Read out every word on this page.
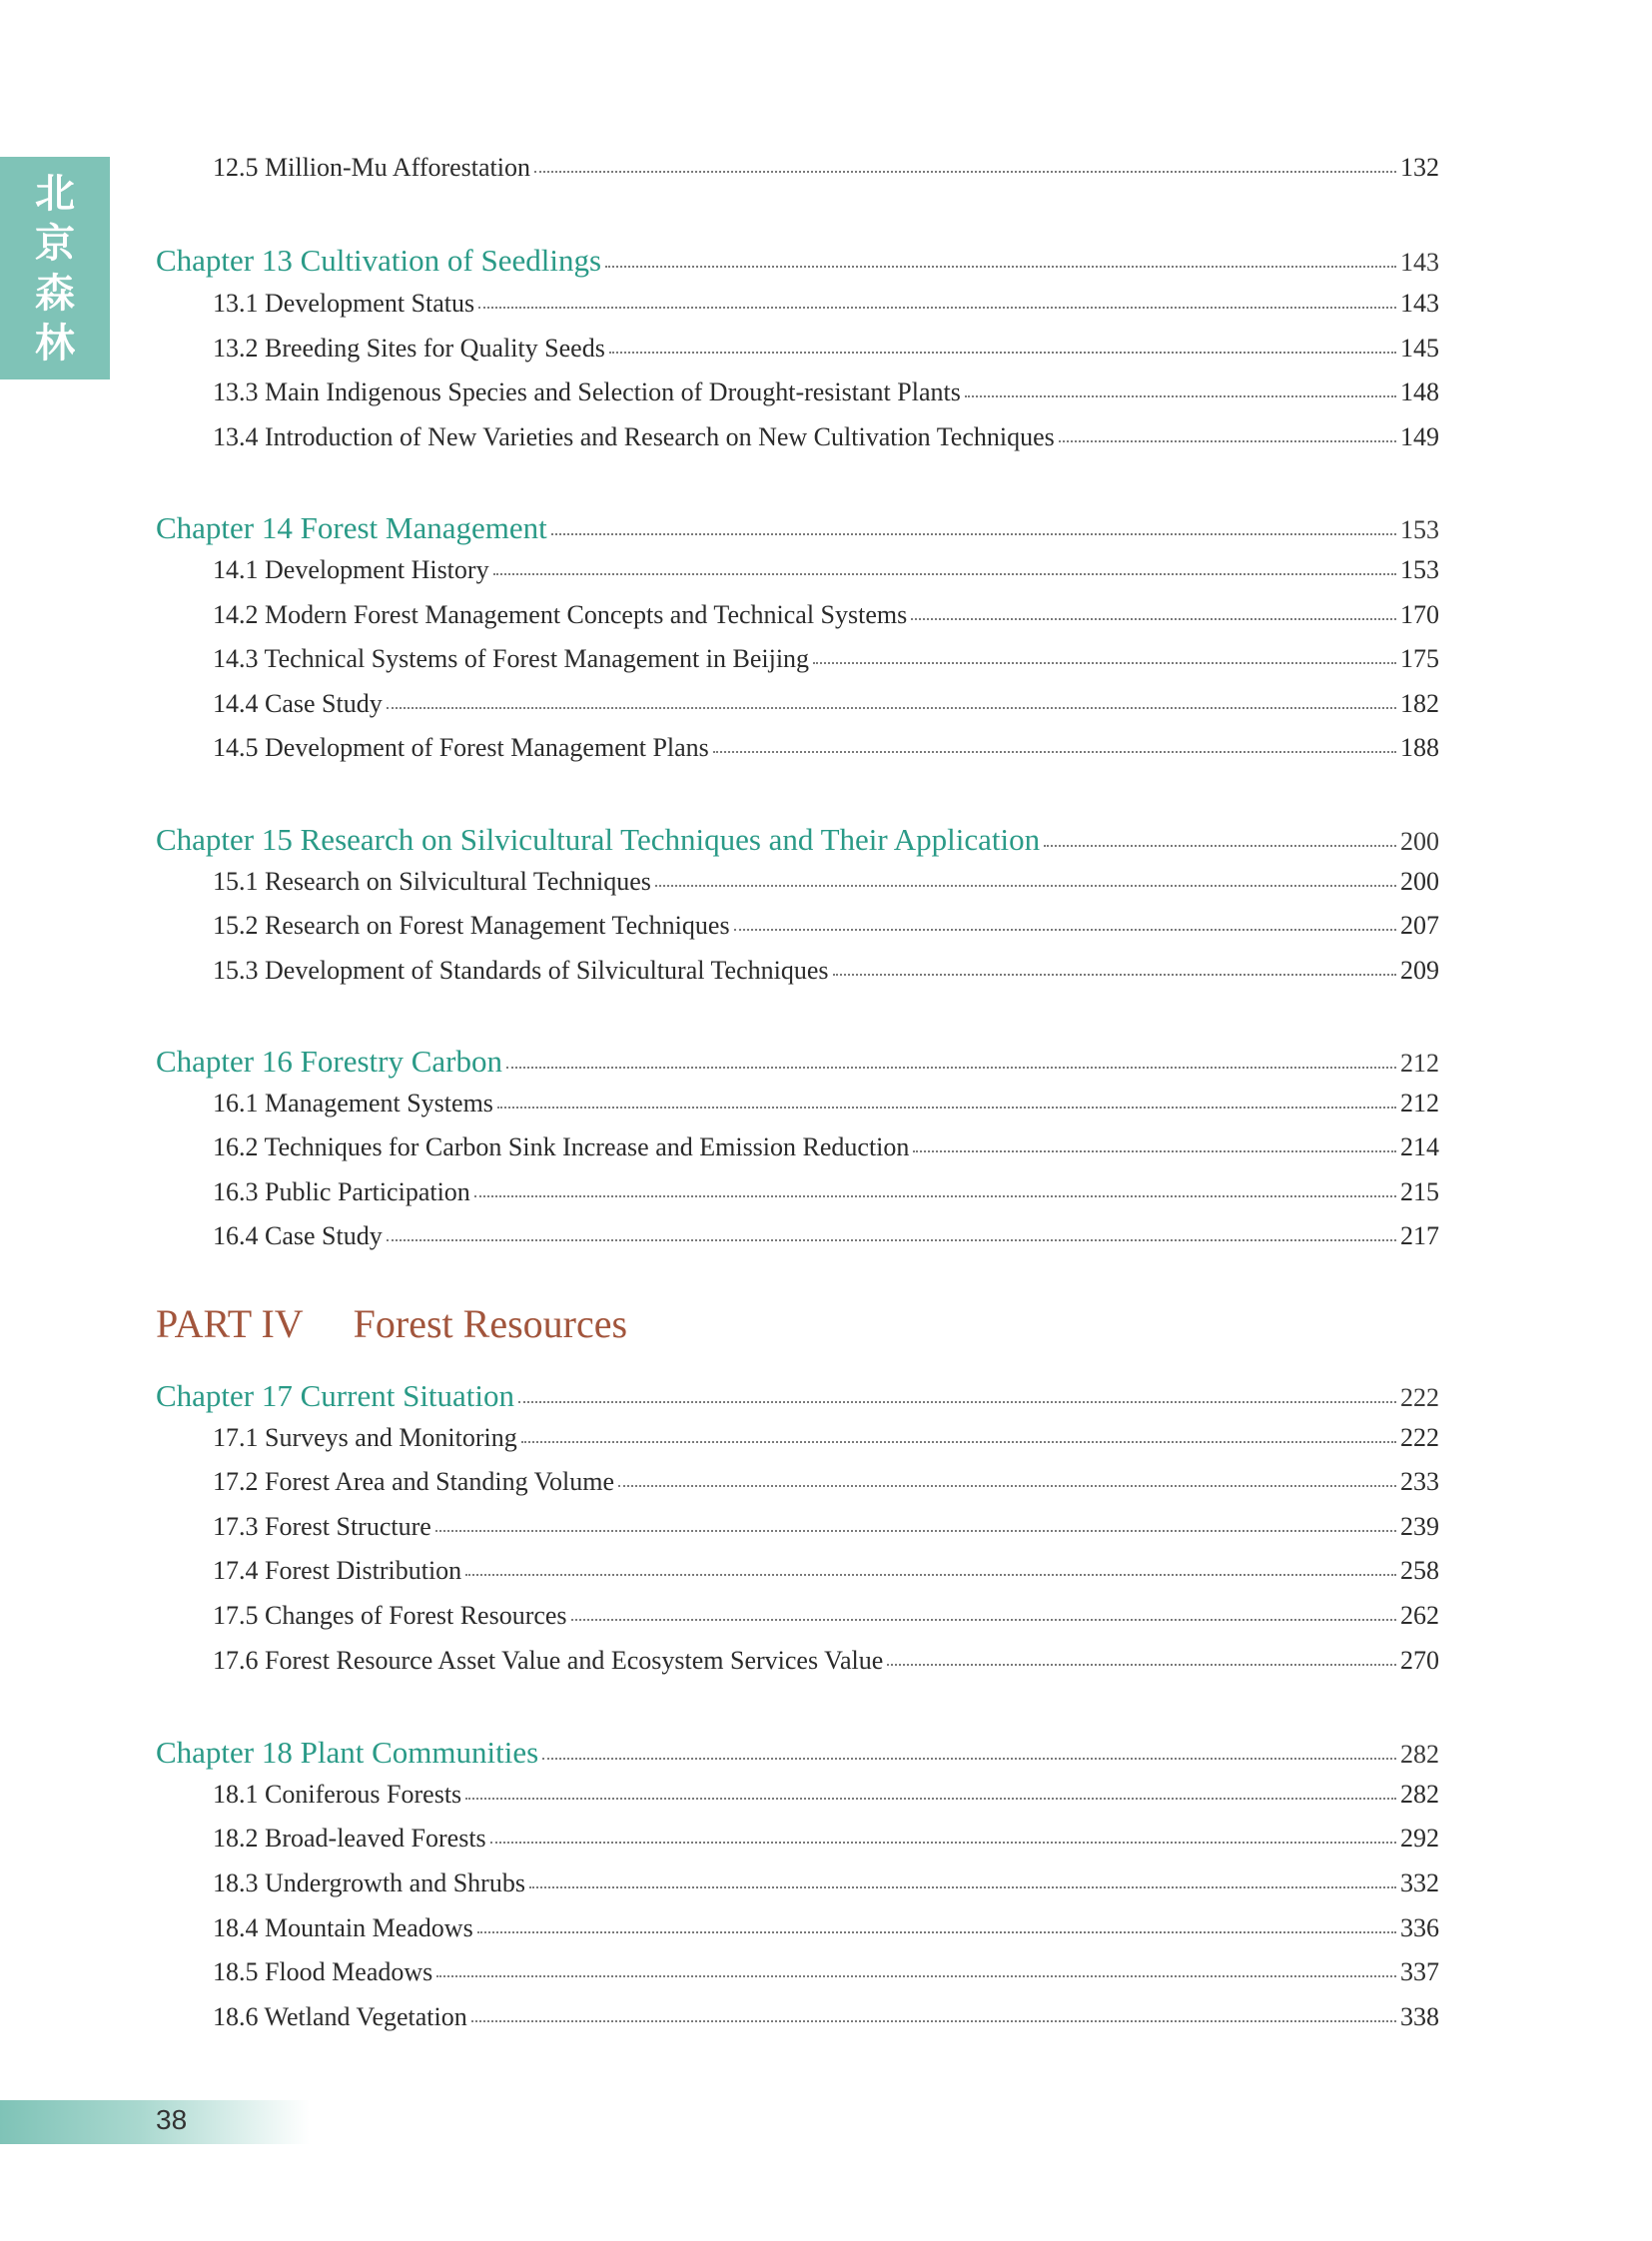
北
京
森
林
12.5 Million-Mu Afforestation	132
Chapter 13 Cultivation of Seedlings	143
13.1 Development Status	143
13.2 Breeding Sites for Quality Seeds	145
13.3 Main Indigenous Species and Selection of Drought-resistant Plants	148
13.4 Introduction of New Varieties and Research on New Cultivation Techniques	149
Chapter 14 Forest Management	153
14.1 Development History	153
14.2 Modern Forest Management Concepts and Technical Systems	170
14.3 Technical Systems of Forest Management in Beijing	175
14.4 Case Study	182
14.5 Development of Forest Management Plans	188
Chapter 15 Research on Silvicultural Techniques and Their Application	200
15.1 Research on Silvicultural Techniques	200
15.2 Research on Forest Management Techniques	207
15.3 Development of Standards of Silvicultural Techniques	209
Chapter 16 Forestry Carbon	212
16.1 Management Systems	212
16.2 Techniques for Carbon Sink Increase and Emission Reduction	214
16.3 Public Participation	215
16.4 Case Study	217
PART IV Forest Resources
Chapter 17 Current Situation	222
17.1 Surveys and Monitoring	222
17.2 Forest Area and Standing Volume	233
17.3 Forest Structure	239
17.4 Forest Distribution	258
17.5 Changes of Forest Resources	262
17.6 Forest Resource Asset Value and Ecosystem Services Value	270
Chapter 18 Plant Communities	282
18.1 Coniferous Forests	282
18.2 Broad-leaved Forests	292
18.3 Undergrowth and Shrubs	332
18.4 Mountain Meadows	336
18.5 Flood Meadows	337
18.6 Wetland Vegetation	338
38
